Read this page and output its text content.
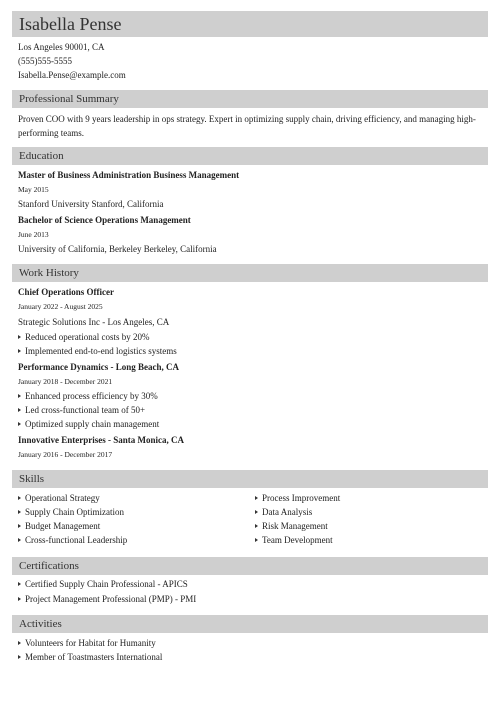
Isabella Pense
Los Angeles 90001, CA
(555)555-5555
Isabella.Pense@example.com
Professional Summary
Proven COO with 9 years leadership in ops strategy. Expert in optimizing supply chain, driving efficiency, and managing high-performing teams.
Education
Master of Business Administration Business Management
May 2015
Stanford University Stanford, California
Bachelor of Science Operations Management
June 2013
University of California, Berkeley Berkeley, California
Work History
Chief Operations Officer
January 2022 - August 2025
Strategic Solutions Inc - Los Angeles, CA
Reduced operational costs by 20%
Implemented end-to-end logistics systems
Performance Dynamics - Long Beach, CA
January 2018 - December 2021
Enhanced process efficiency by 30%
Led cross-functional team of 50+
Optimized supply chain management
Innovative Enterprises - Santa Monica, CA
January 2016 - December 2017
Skills
Operational Strategy
Supply Chain Optimization
Budget Management
Cross-functional Leadership
Process Improvement
Data Analysis
Risk Management
Team Development
Certifications
Certified Supply Chain Professional - APICS
Project Management Professional (PMP) - PMI
Activities
Volunteers for Habitat for Humanity
Member of Toastmasters International
